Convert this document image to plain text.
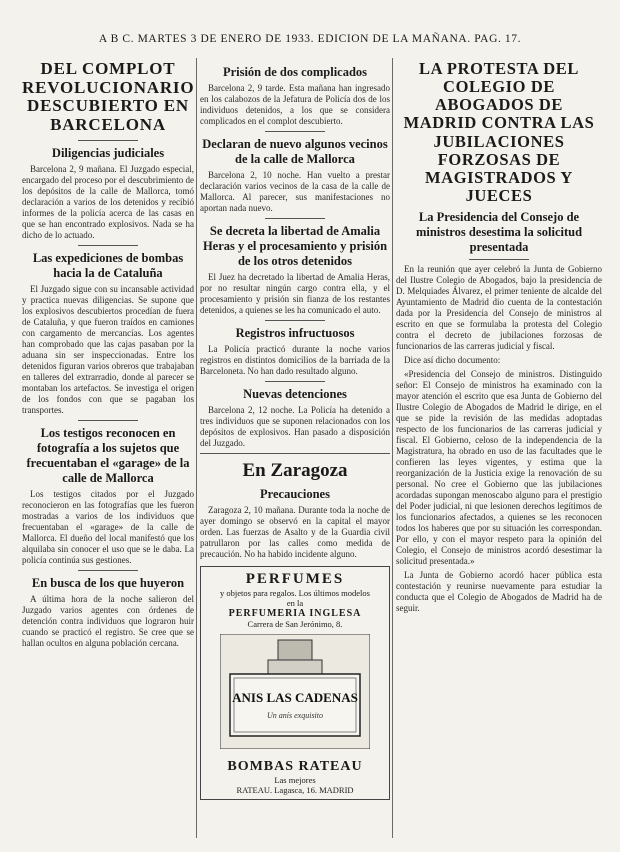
A B C. MARTES 3 DE ENERO DE 1933. EDICION DE LA MAÑANA. PAG. 17.
DEL COMPLOT REVOLUCIONARIO DESCUBIERTO EN BARCELONA
Diligencias judiciales

Barcelona 2, 9 mañana. El Juzgado especial, encargado del proceso por el descubrimiento de los depósitos de la calle de Mallorca, tomó declaración a varios de los detenidos y recibió informes de la policía acerca de las casas en que se han encontrado explosivos. Nada se ha dicho de lo actuado.

Las expediciones de bombas hacia la de Cataluña

El Juzgado sigue con su incansable actividad y practica nuevas diligencias. Se supone que los explosivos descubiertos procedían de fuera de Cataluña, y que fueron traídos en camiones con cargamento de mercancías. Los agentes han comprobado que las cajas pasaban por la aduana sin ser inspeccionadas. Entre los detenidos figuran varios obreros que trabajaban en talleres del extrarradio, donde al parecer se montaban los artefactos. Se investiga el origen de los fondos con que se pagaban los transportes.

Los testigos reconocen en fotografía a los sujetos que frecuentaban el «garage» de la calle de Mallorca

Los testigos citados por el Juzgado reconocieron en las fotografías que les fueron mostradas a varios de los individuos que frecuentaban el «garage» de la calle de Mallorca. El dueño del local manifestó que los alquilaba sin conocer el uso que se le daba. La policía continúa sus gestiones.

En busca de los que huyeron

A última hora de la noche salieron del Juzgado varios agentes con órdenes de detención contra individuos que lograron huir cuando se practicó el registro. Se cree que se hallan ocultos en alguna población cercana.

Prisión de dos complicados

Barcelona 2, 9 tarde. Esta mañana han ingresado en los calabozos de la Jefatura de Policía dos de los individuos detenidos, a los que se considera complicados en el complot descubierto.

Declaran de nuevo algunos vecinos de la calle de Mallorca

Barcelona 2, 10 noche. Han vuelto a prestar declaración varios vecinos de la casa de la calle de Mallorca. Al parecer, sus manifestaciones no aportan nada nuevo.

Se decreta la libertad de Amalia Heras y el procesamiento y prisión de los otros detenidos

El Juez ha decretado la libertad de Amalia Heras, por no resultar ningún cargo contra ella, y el procesamiento y prisión sin fianza de los restantes detenidos, a quienes se les ha comunicado el auto.

Registros infructuosos

La Policía practicó durante la noche varios registros en distintos domicilios de la barriada de la Barceloneta. No han dado resultado alguno.

Nuevas detenciones

Barcelona 2, 12 noche. La Policía ha detenido a tres individuos que se suponen relacionados con los depósitos de explosivos. Han pasado a disposición del Juzgado.

En Zaragoza
Precauciones

Zaragoza 2, 10 mañana. Durante toda la noche de ayer domingo se observó en la capital el mayor orden. Las fuerzas de Asalto y de la Guardia civil patrullaron por las calles como medida de precaución. No ha habido incidente alguno.

PERFUMES
y objetos para regalos. Los últimos modelos
en la
PERFUMERIA INGLESA
Carrera de San Jerónimo, 8.
ANIS LAS CADENAS
Un anís exquisito
BOMBAS RATEAU
Las mejores
RATEAU. Lagasca, 16. MADRID
LA PROTESTA DEL COLEGIO DE ABOGADOS DE MADRID CONTRA LAS JUBILACIONES FORZOSAS DE MAGISTRADOS Y JUECES
La Presidencia del Consejo de ministros desestima la solicitud presentada

En la reunión que ayer celebró la Junta de Gobierno del Ilustre Colegio de Abogados, bajo la presidencia de D. Melquiades Álvarez, el primer teniente de alcalde del Ayuntamiento de Madrid dio cuenta de la contestación dada por la Presidencia del Consejo de ministros al escrito en que se formulaba la protesta del Colegio contra el decreto de jubilaciones forzosas de funcionarios de las carreras judicial y fiscal.

Dice así dicho documento:

«Presidencia del Consejo de ministros. Distinguido señor: El Consejo de ministros ha examinado con la mayor atención el escrito que esa Junta de Gobierno del Ilustre Colegio de Abogados de Madrid le dirige, en el que se pide la revisión de las medidas adoptadas respecto de los funcionarios de las carreras judicial y fiscal. El Gobierno, celoso de la independencia de la Magistratura, ha obrado en uso de las facultades que le confieren las leyes vigentes, y estima que la reorganización de la Justicia exige la renovación de su personal. No cree el Gobierno que las jubilaciones acordadas supongan menoscabo alguno para el prestigio del Poder judicial, ni que lesionen derechos legítimos de los funcionarios afectados, a quienes se les reconocen todos los haberes que por su situación les correspondan. Por ello, y con el mayor respeto para la opinión del Colegio, el Consejo de ministros acordó desestimar la solicitud presentada.»

La Junta de Gobierno acordó hacer pública esta contestación y reunirse nuevamente para estudiar la conducta que el Colegio de Abogados de Madrid ha de seguir.
